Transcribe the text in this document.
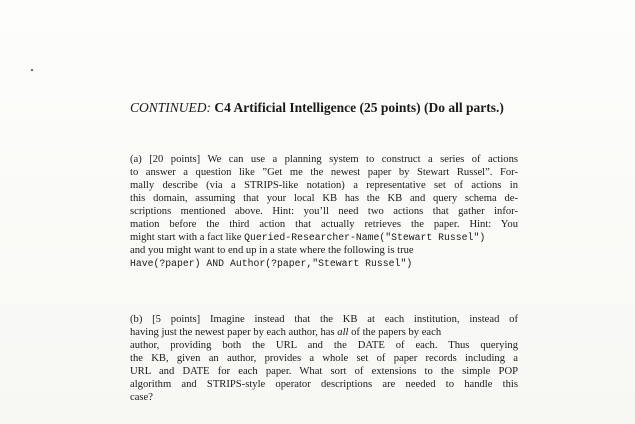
CONTINUED: C4 Artificial Intelligence (25 points) (Do all parts.)
(a) [20 points] We can use a planning system to construct a series of actions
to answer a question like ”Get me the newest paper by Stewart Russel”. For-
mally describe (via a STRIPS-like notation) a representative set of actions in
this domain, assuming that your local KB has the KB and query schema de-
scriptions mentioned above. Hint: you’ll need two actions that gather infor-
mation before the third action that actually retrieves the paper. Hint: You
might start with a fact like Queried-Researcher-Name("Stewart Russel")
and you might want to end up in a state where the following is true
Have(?paper) AND Author(?paper,"Stewart Russel")
(b) [5 points] Imagine instead that the KB at each institution, instead of
having just the newest paper by each author, has all of the papers by each
author, providing both the URL and the DATE of each. Thus querying
the KB, given an author, provides a whole set of paper records including a
URL and DATE for each paper. What sort of extensions to the simple POP
algorithm and STRIPS-style operator descriptions are needed to handle this
case?
